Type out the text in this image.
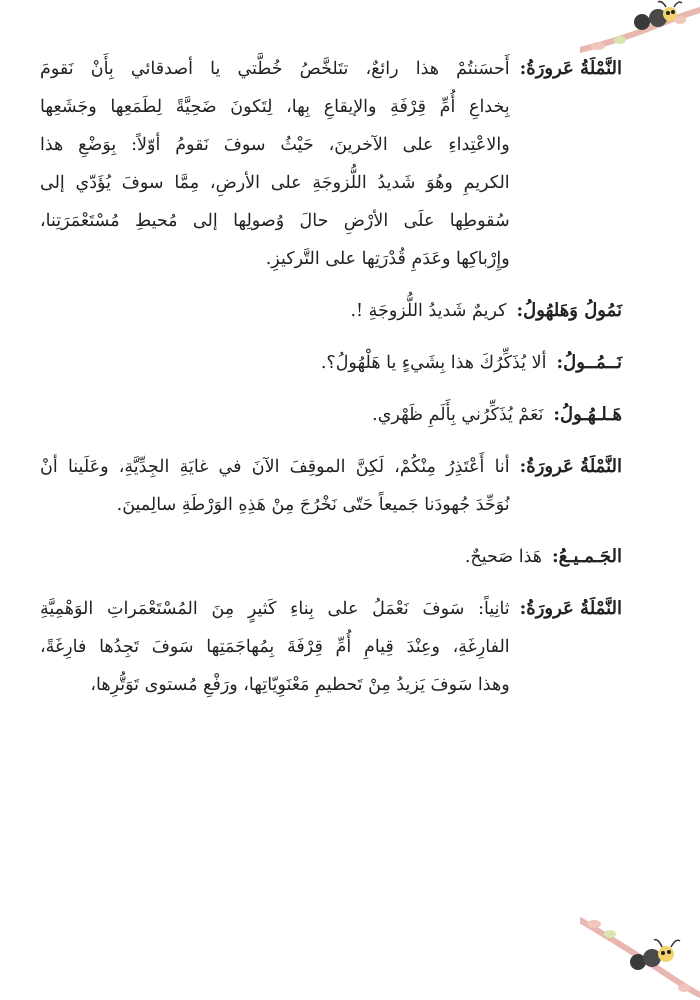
النَّمْلَةُ عَرورَةُ:
أَحسَنتُمْ هذا رائعٌ، تتَلخَّصُ خُطَّتي يا أصدقائي بِأَنْ نَقومَ
بِخداعِ أُمِّ قِرْفَةِ والإيقاعِ بِها، لِتَكونَ ضَحِيَّةً لِطَمَعِها وجَشَعِها
والاعْتِداءِ على الآخرينَ، حَيْثُ سوفَ نَقومُ أوّلاً: بِوَضْعِ هذا
الكريمِ وهُوَ شَديدُ اللُّزوجَةِ على الأرضِ، مِمَّا سوفَ يُؤَدّي إلى
سُقوطِها علَى الأرْضِ حالَ وُصولِها إلى مُحيطِ مُسْتَعْمَرَتِنا،
وإِرْباكِها وعَدَمِ قُدْرَتِها على التَّركيزِ.
نَمُولُ وَهَلهُولُ:
كريمٌ شَديدُ اللُّزوجَةِ !.
نَــمُــولُ:
ألا يُذَكِّرُكَ هذا بِشَيءٍ يا هَلْهُولُ؟.
هَـلـهُـولُ:
نَعَمْ يُذَكِّرُني بِأَلَمِ ظَهْري.
النَّمْلَةُ عَرورَةُ:
أنا أَعْتَذِرُ مِنْكُمْ، لَكِنَّ الموقِفَ الآنَ في غايَةِ الجِدِّيَّةِ، وعَلَينا أنْ
نُوَحِّدَ جُهودَنا جَميعاً حَتّى نَخْرُجَ مِنْ هَذِهِ الوَرْطَةِ سالِمينَ.
الجَـمـيـعُ:
هَذا صَحيحٌ.
النَّمْلَةُ عَرورَةُ:
ثانِياً: سَوفَ نَعْمَلُ على بِناءِ كَثيرٍ مِنَ المُسْتَعْمَراتِ الوَهْمِيَّةِ
الفارِغَةِ، وعِنْدَ قِيامِ أُمِّ قِرْفَةَ بِمُهاجَمَتِها سَوفَ تَجِدُها فارِغَةً،
وهذا سَوفَ يَزيدُ مِنْ تَحطيمِ مَعْنَوِيّاتِها، ورَفْعِ مُستوى تَوَتُّرِها،
